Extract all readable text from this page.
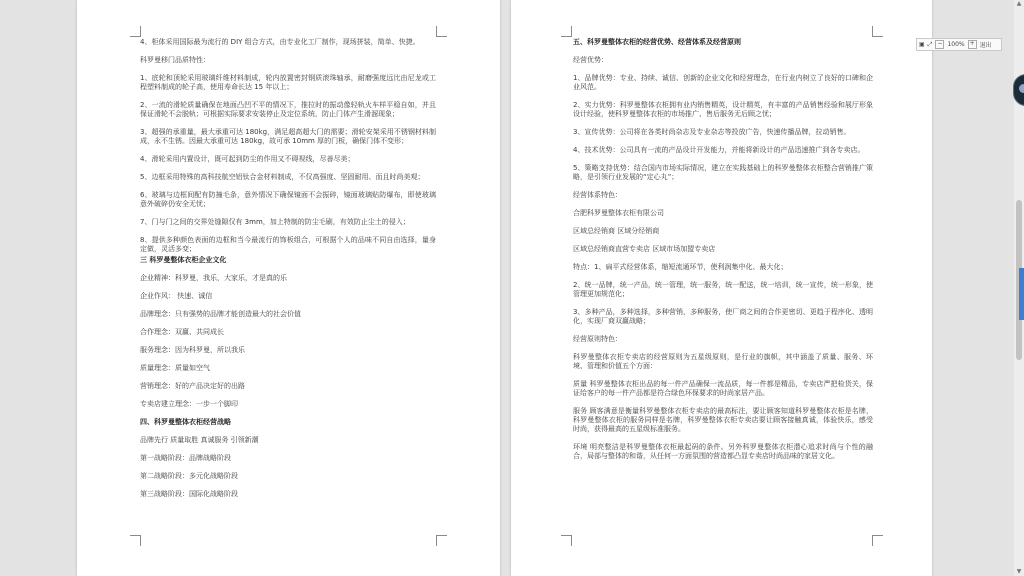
4、柜体采用国际最为流行的 DIY 组合方式，由专业化工厂制作，现场拼装，简单、快捷。

科罗曼移门品质特性：

1、底轮和顶轮采用玻璃纤维材料制成，轮内放置密封钢质滚珠轴承，耐磨强度远比由尼龙或工程塑料制成的轮子高，使用寿命长达 15 年以上；

2、一流的滑轮质量确保在地面凸凹不平的情况下，推拉时的振动像轻轨火车样平稳自如，并且保证滑轮不会脱轨；可根据实际要求安装停止及定位系统，防止门体产生滑溜现象；

3、超强的承重量，最大承重可达 180kg，满足超高超大门的需要；滑轮安架采用不锈钢材料制成，永不生锈。因最大承重可达 180kg，故可承 10mm 厚的门板，确保门体不变形；

4、滑轮采用内置设计，既可起到防尘的作用又不碍视线，尽善尽美；

5、边框采用特殊的高科技航空铝钛合金材料制成，不仅高强度、坚固耐用、而且时尚美观；

6、玻璃与边框间配有防撞毛条，意外情况下确保镜面不会振碎，镜面玻璃贴防爆布，即使玻璃意外破碎仍安全无忧；

7、门与门之间的交界处缝隙仅有 3mm，加上特制的防尘毛刷，有效防止尘土的侵入；

8、提供多种颜色表面的边框和当今最流行的饰板组合，可根据个人的品味不同自由选择，量身定做，灵活多变；

三 科罗曼整体衣柜企业文化

企业精神：科罗曼，我乐，大家乐，才是真的乐

企业作风： 快速、诚信

品牌理念：只有强势的品牌才能创造最大的社会价值

合作理念：双赢、共同成长

服务理念：因为科罗曼，所以我乐

质量理念：质量如空气

营销理念：好的产品决定好的出路

专卖店建立理念：一步一个脚印

四、科罗曼整体衣柜经营战略

品牌先行 质量取胜 真诚服务 引领新潮

第一战略阶段：品牌战略阶段

第二战略阶段：多元化战略阶段

第三战略阶段：国际化战略阶段

五、科罗曼整体衣柜的经营优势、经营体系及经营原则

经营优势：

1、品牌优势：专业、持续、诚信、创新的企业文化和经营理念，在行业内树立了良好的口碑和企业风范。

2、实力优势：科罗曼整体衣柜拥有业内销售精英，设计精英，有丰富的产品销售经验和展厅形象设计经验，使科罗曼整体衣柜的市场推广、售后服务无后顾之忧；

3、宣传优势：公司将在各类时尚杂志及专业杂志等投放广告，快速传播品牌，拉动销售。

4、技术优势：公司具有一流的产品设计开发能力，并能将新设计的产品迅速推广到各专卖店。

5、策略支持优势：结合国内市场实际情况，建立在实践基础上的科罗曼整体衣柜整合营销推广策略，是引领行业发展的“定心丸”；

经营体系特色：

合肥科罗曼整体衣柜有限公司

区域总经销商 区域分经销商

区域总经销商直营专卖店 区域市场加盟专卖店

特点：1、扁平式经营体系，缩短流通环节，使利润集中化、最大化；

2、统一品牌，统一产品，统一管理，统一服务，统一配送，统一培训，统一宣传，统一形象，使管理更加规范化；

3、多种产品，多种选择，多种营销，多种服务，使厂商之间的合作更密切、更趋于程序化、透明化，实现厂商双赢战略；

经营原则特色：

科罗曼整体衣柜专卖店的经营原则为五星级原则，是行业的旗帜，其中涵盖了质量、服务、环境、管理和价值五个方面：

质量 科罗曼整体衣柜出品的每一件产品确保一流品质，每一件都是精品，专卖店严把检货关，保证给客户的每一件产品都是符合绿色环保要求的时尚家居产品。

服务 顾客满意是衡量科罗曼整体衣柜专卖店的最高标注，要让顾客知道科罗曼整体衣柜是名牌，科罗曼整体衣柜的服务同样是名牌，科罗曼整体衣柜专卖店要让顾客接触真诚，体验快乐，感受时尚，获得最高的五星级标准服务。

环境 明亮整洁是科罗曼整体衣柜最起码的条件。另外科罗曼整体衣柜潜心追求时尚与个性的融合，局部与整体的和谐，从任何一方面氛围的营造都凸显专卖店时尚品味的家居文化。

▣ ⤢ − 100% + 退出
▲
▼
